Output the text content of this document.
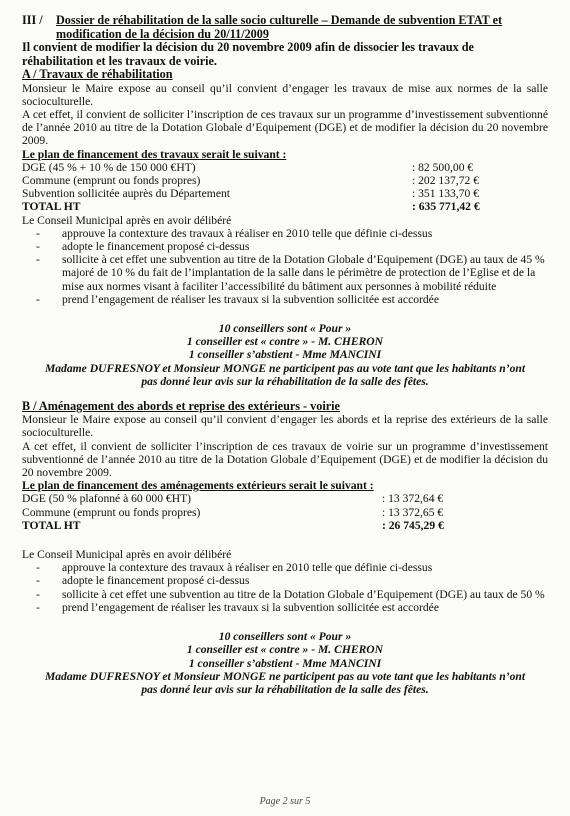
III /	Dossier de réhabilitation de la salle socio culturelle – Demande de subvention ETAT et modification de la décision du 20/11/2009

Il convient de modifier la décision du 20 novembre 2009 afin de dissocier les travaux de réhabilitation et les travaux de voirie.

A / Travaux de réhabilitation

Monsieur le Maire expose au conseil qu’il convient d’engager les travaux de mise aux normes de la salle socioculturelle.

A cet effet, il convient de solliciter l’inscription de ces travaux sur un programme d’investissement subventionné de l’année 2010 au titre de la Dotation Globale d’Equipement (DGE) et de modifier la décision du 20 novembre 2009.

Le plan de financement des travaux serait le suivant :

DGE (45 % + 10 % de 150 000 €HT)	: 82 500,00 €
Commune (emprunt ou fonds propres)	: 202 137,72 €
Subvention sollicitée auprès du Département	: 351 133,70 €
TOTAL HT	: 635 771,42 €

Le Conseil Municipal après en avoir délibéré

- approuve la contexture des travaux à réaliser en 2010 telle que définie ci-dessus
- adopte le financement proposé ci-dessus
- sollicite à cet effet une subvention au titre de la Dotation Globale d’Equipement (DGE) au taux de 45 % majoré de 10 % du fait de l’implantation de la salle dans le périmètre de protection de l’Eglise et de la mise aux normes visant à faciliter l’accessibilité du bâtiment aux personnes à mobilité réduite
- prend l’engagement de réaliser les travaux si la subvention sollicitée est accordée

10 conseillers sont « Pour »

1 conseiller est « contre » - M. CHERON

1 conseiller s’abstient - Mme MANCINI

Madame DUFRESNOY et Monsieur MONGE ne participent pas au vote tant que les habitants n’ont pas donné leur avis sur la réhabilitation de la salle des fêtes.

B / Aménagement des abords et reprise des extérieurs - voirie

Monsieur le Maire expose au conseil qu’il convient d’engager les abords et la reprise des extérieurs de la salle socioculturelle.

A cet effet, il convient de solliciter l’inscription de ces travaux de voirie sur un programme d’investissement subventionné de l’année 2010 au titre de la Dotation Globale d’Equipement (DGE) et de modifier la décision du 20 novembre 2009.

Le plan de financement des aménagements extérieurs serait le suivant :

DGE (50 % plafonné à 60 000 €HT)	: 13 372,64 €
Commune (emprunt ou fonds propres)	: 13 372,65 €
TOTAL HT	: 26 745,29 €

Le Conseil Municipal après en avoir délibéré

- approuve la contexture des travaux à réaliser en 2010 telle que définie ci-dessus
- adopte le financement proposé ci-dessus
- sollicite à cet effet une subvention au titre de la Dotation Globale d’Equipement (DGE) au taux de 50 %
- prend l’engagement de réaliser les travaux si la subvention sollicitée est accordée

10 conseillers sont « Pour »

1 conseiller est « contre » - M. CHERON

1 conseiller s’abstient - Mme MANCINI

Madame DUFRESNOY et Monsieur MONGE ne participent pas au vote tant que les habitants n’ont pas donné leur avis sur la réhabilitation de la salle des fêtes.

Page 2 sur 5
